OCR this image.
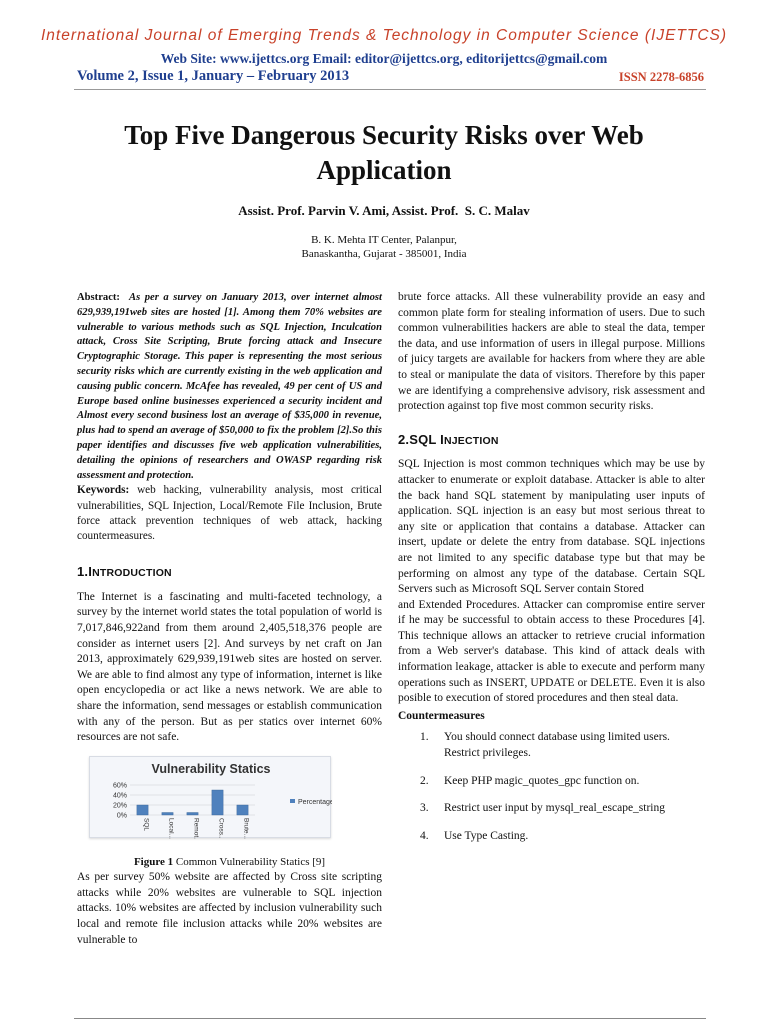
International Journal of Emerging Trends & Technology in Computer Science (IJETTCS)
Web Site: www.ijettcs.org Email: editor@ijettcs.org, editorijettcs@gmail.com
Volume 2, Issue 1, January – February 2013	ISSN 2278-6856
Top Five Dangerous Security Risks over Web Application
Assist. Prof. Parvin V. Ami, Assist. Prof.  S. C. Malav
B. K. Mehta IT Center, Palanpur,
Banaskantha, Gujarat - 385001, India

Abstract: As per a survey on January 2013, over internet almost 629,939,191web sites are hosted [1]. Among them 70% websites are vulnerable to various methods such as SQL Injection, Inculcation attack, Cross Site Scripting, Brute forcing attack and Insecure Cryptographic Storage. This paper is representing the most serious security risks which are currently existing in the web application and causing public concern. McAfee has revealed, 49 per cent of US and Europe based online businesses experienced a security incident and Almost every second business lost an average of $35,000 in revenue, plus had to spend an average of $50,000 to fix the problem [2].So this paper identifies and discusses five web application vulnerabilities, detailing the opinions of researchers and OWASP regarding risk assessment and protection.

Keywords: web hacking, vulnerability analysis, most critical vulnerabilities, SQL Injection, Local/Remote File Inclusion, Brute force attack prevention techniques of web attack, hacking countermeasures.

1.INTRODUCTION

The Internet is a fascinating and multi-faceted technology, a survey by the internet world states the total population of world is 7,017,846,922and from them around 2,405,518,376 people are consider as internet users [2]. And surveys by net craft on Jan 2013, approximately 629,939,191web sites are hosted on server. We are able to find almost any type of information, internet is like open encyclopedia or act like a news network. We are able to share the information, send messages or establish communication with any of the person. But as per statics over internet 60% resources are not safe.

Vulnerability Statics
60%
40%
20%
0%
SQL	Local...	Remot...	Cross...	Brute...
Percentage

Figure 1 Common Vulnerability Statics [9]

As per survey 50% website are affected by Cross site scripting attacks while 20% websites are vulnerable to SQL injection attacks. 10% websites are affected by inclusion vulnerability such local and remote file inclusion attacks while 20% websites are vulnerable to

brute force attacks. All these vulnerability provide an easy and common plate form for stealing information of users. Due to such common vulnerabilities hackers are able to steal the data, temper the data, and use information of users in illegal purpose. Millions of juicy targets are available for hackers from where they are able to steal or manipulate the data of visitors. Therefore by this paper we are identifying a comprehensive advisory, risk assessment and protection against top five most common security risks.

2.SQL INJECTION

SQL Injection is most common techniques which may be use by attacker to enumerate or exploit database. Attacker is able to alter the back hand SQL statement by manipulating user inputs of application. SQL injection is an easy but most serious threat to any site or application that contains a database. Attacker can insert, update or delete the entry from database. SQL injections are not limited to any specific database type but that may be performing on almost any type of the database. Certain SQL Servers such as Microsoft SQL Server contain Stored

and Extended Procedures. Attacker can compromise entire server if he may be successful to obtain access to these Procedures [4]. This technique allows an attacker to retrieve crucial information from a Web server's database. This kind of attack deals with information leakage, attacker is able to execute and perform many operations such as INSERT, UPDATE or DELETE. Even it is also posible to execution of stored procedures and then steal data.

Countermeasures
1. You should connect database using limited users. Restrict privileges.
2. Keep PHP magic_quotes_gpc function on.
3. Restrict user input by mysql_real_escape_string
4. Use Type Casting.
